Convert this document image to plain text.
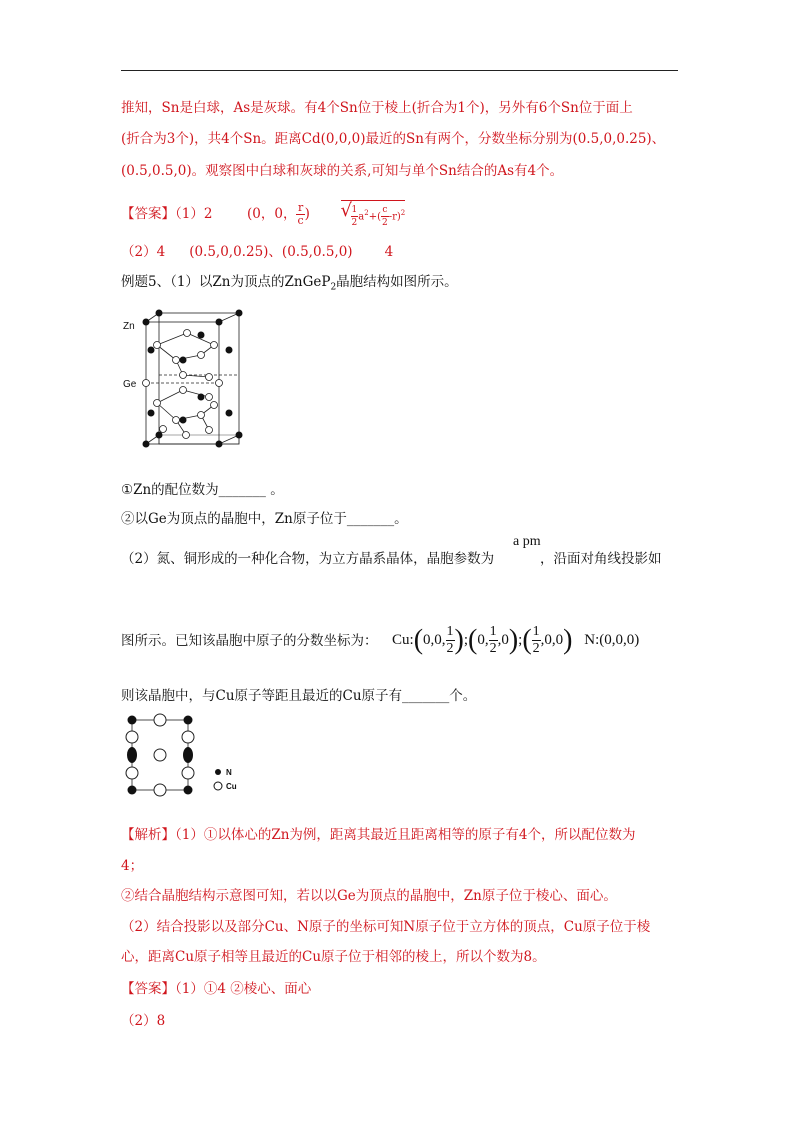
推知，Sn是白球，As是灰球。有4个Sn位于棱上(折合为1个)，另外有6个Sn位于面上
(折合为3个)，共4个Sn。距离Cd(0,0,0)最近的Sn有两个，分数坐标分别为(0.5,0,0.25)、
(0.5,0.5,0)。观察图中白球和灰球的关系,可知与单个Sn结合的As有4个。
【答案】（1）2	(0，0， $\frac{r}{c}$ ) √
$\frac{1}{2} a^2+( \frac{c}{2} -r)^2$
（2）4 (0.5,0,0.25)、(0.5,0.5,0) 4
例题5、（1）以Zn为顶点的ZnGeP$_2$晶胞结构如图所示。
Zn
Ge
①Zn的配位数为_______ 。
②以Ge为顶点的晶胞中，Zn原子位于_______。
a pm
（2）氮、铜形成的一种化合物，为立方晶系晶体，晶胞参数为	，沿面对角线投影如
图所示。已知该晶胞中原子的分数坐标为： Cu:(0,0, $\frac{1}{2}$ );(0, $\frac{1}{2}$ ,0);( $\frac{1}{2} ,0,0$) N:(0,0,0)
则该晶胞中，与Cu原子等距且最近的Cu原子有_______个。
N
Cu
【解析】（1）①以体心的Zn为例，距离其最近且距离相等的原子有4个，所以配位数为
4；
②结合晶胞结构示意图可知，若以以Ge为顶点的晶胞中，Zn原子位于棱心、面心。
（2）结合投影以及部分Cu、N原子的坐标可知N原子位于立方体的顶点，Cu原子位于棱
心，距离Cu原子相等且最近的Cu原子位于相邻的棱上，所以个数为8。
【答案】（1）①4 ②棱心、面心
（2）8
